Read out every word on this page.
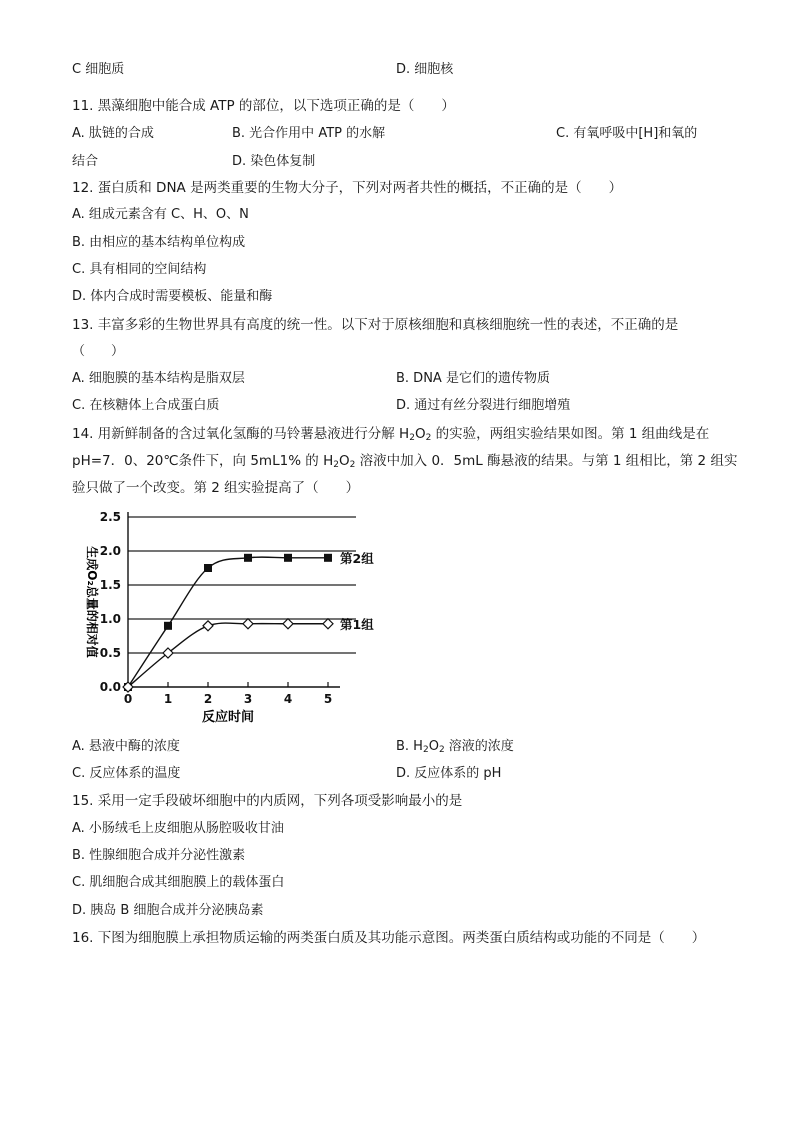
C 细胞质	D. 细胞核
11. 黑藻细胞中能合成 ATP 的部位，以下选项正确的是（　　）
A. 肽链的合成	B. 光合作用中 ATP 的水解	C. 有氧呼吸中[H]和氧的
结合	D. 染色体复制
12. 蛋白质和 DNA 是两类重要的生物大分子，下列对两者共性的概括，不正确的是（　　）
A. 组成元素含有 C、H、O、N
B. 由相应的基本结构单位构成
C. 具有相同的空间结构
D. 体内合成时需要模板、能量和酶
13. 丰富多彩的生物世界具有高度的统一性。以下对于原核细胞和真核细胞统一性的表述，不正确的是
（　　）
A. 细胞膜的基本结构是脂双层	B. DNA 是它们的遗传物质
C. 在核糖体上合成蛋白质	D. 通过有丝分裂进行细胞增殖
14. 用新鲜制备的含过氧化氢酶的马铃薯悬液进行分解 $H_2O_2$ 的实验，两组实验结果如图。第 1 组曲线是在
pH=7．0、20℃条件下，向 5mL1% 的 $H_2O_2$ 溶液中加入 0．5mL 酶悬液的结果。与第 1 组相比，第 2 组实
验只做了一个改变。第 2 组实验提高了（　　）
0.0
0.5
1.0
1.5
2.0
2.5
0	1	2	3	4	5
第2组
第1组
反应时间
生成O₂总量的相对值
A. 悬液中酶的浓度	B. $H_2O_2$ 溶液的浓度
C. 反应体系的温度	D. 反应体系的 pH
15. 采用一定手段破坏细胞中的内质网，下列各项受影响最小的是
A. 小肠绒毛上皮细胞从肠腔吸收甘油
B. 性腺细胞合成并分泌性激素
C. 肌细胞合成其细胞膜上的载体蛋白
D. 胰岛 B 细胞合成并分泌胰岛素
16. 下图为细胞膜上承担物质运输的两类蛋白质及其功能示意图。两类蛋白质结构或功能的不同是（　　）
